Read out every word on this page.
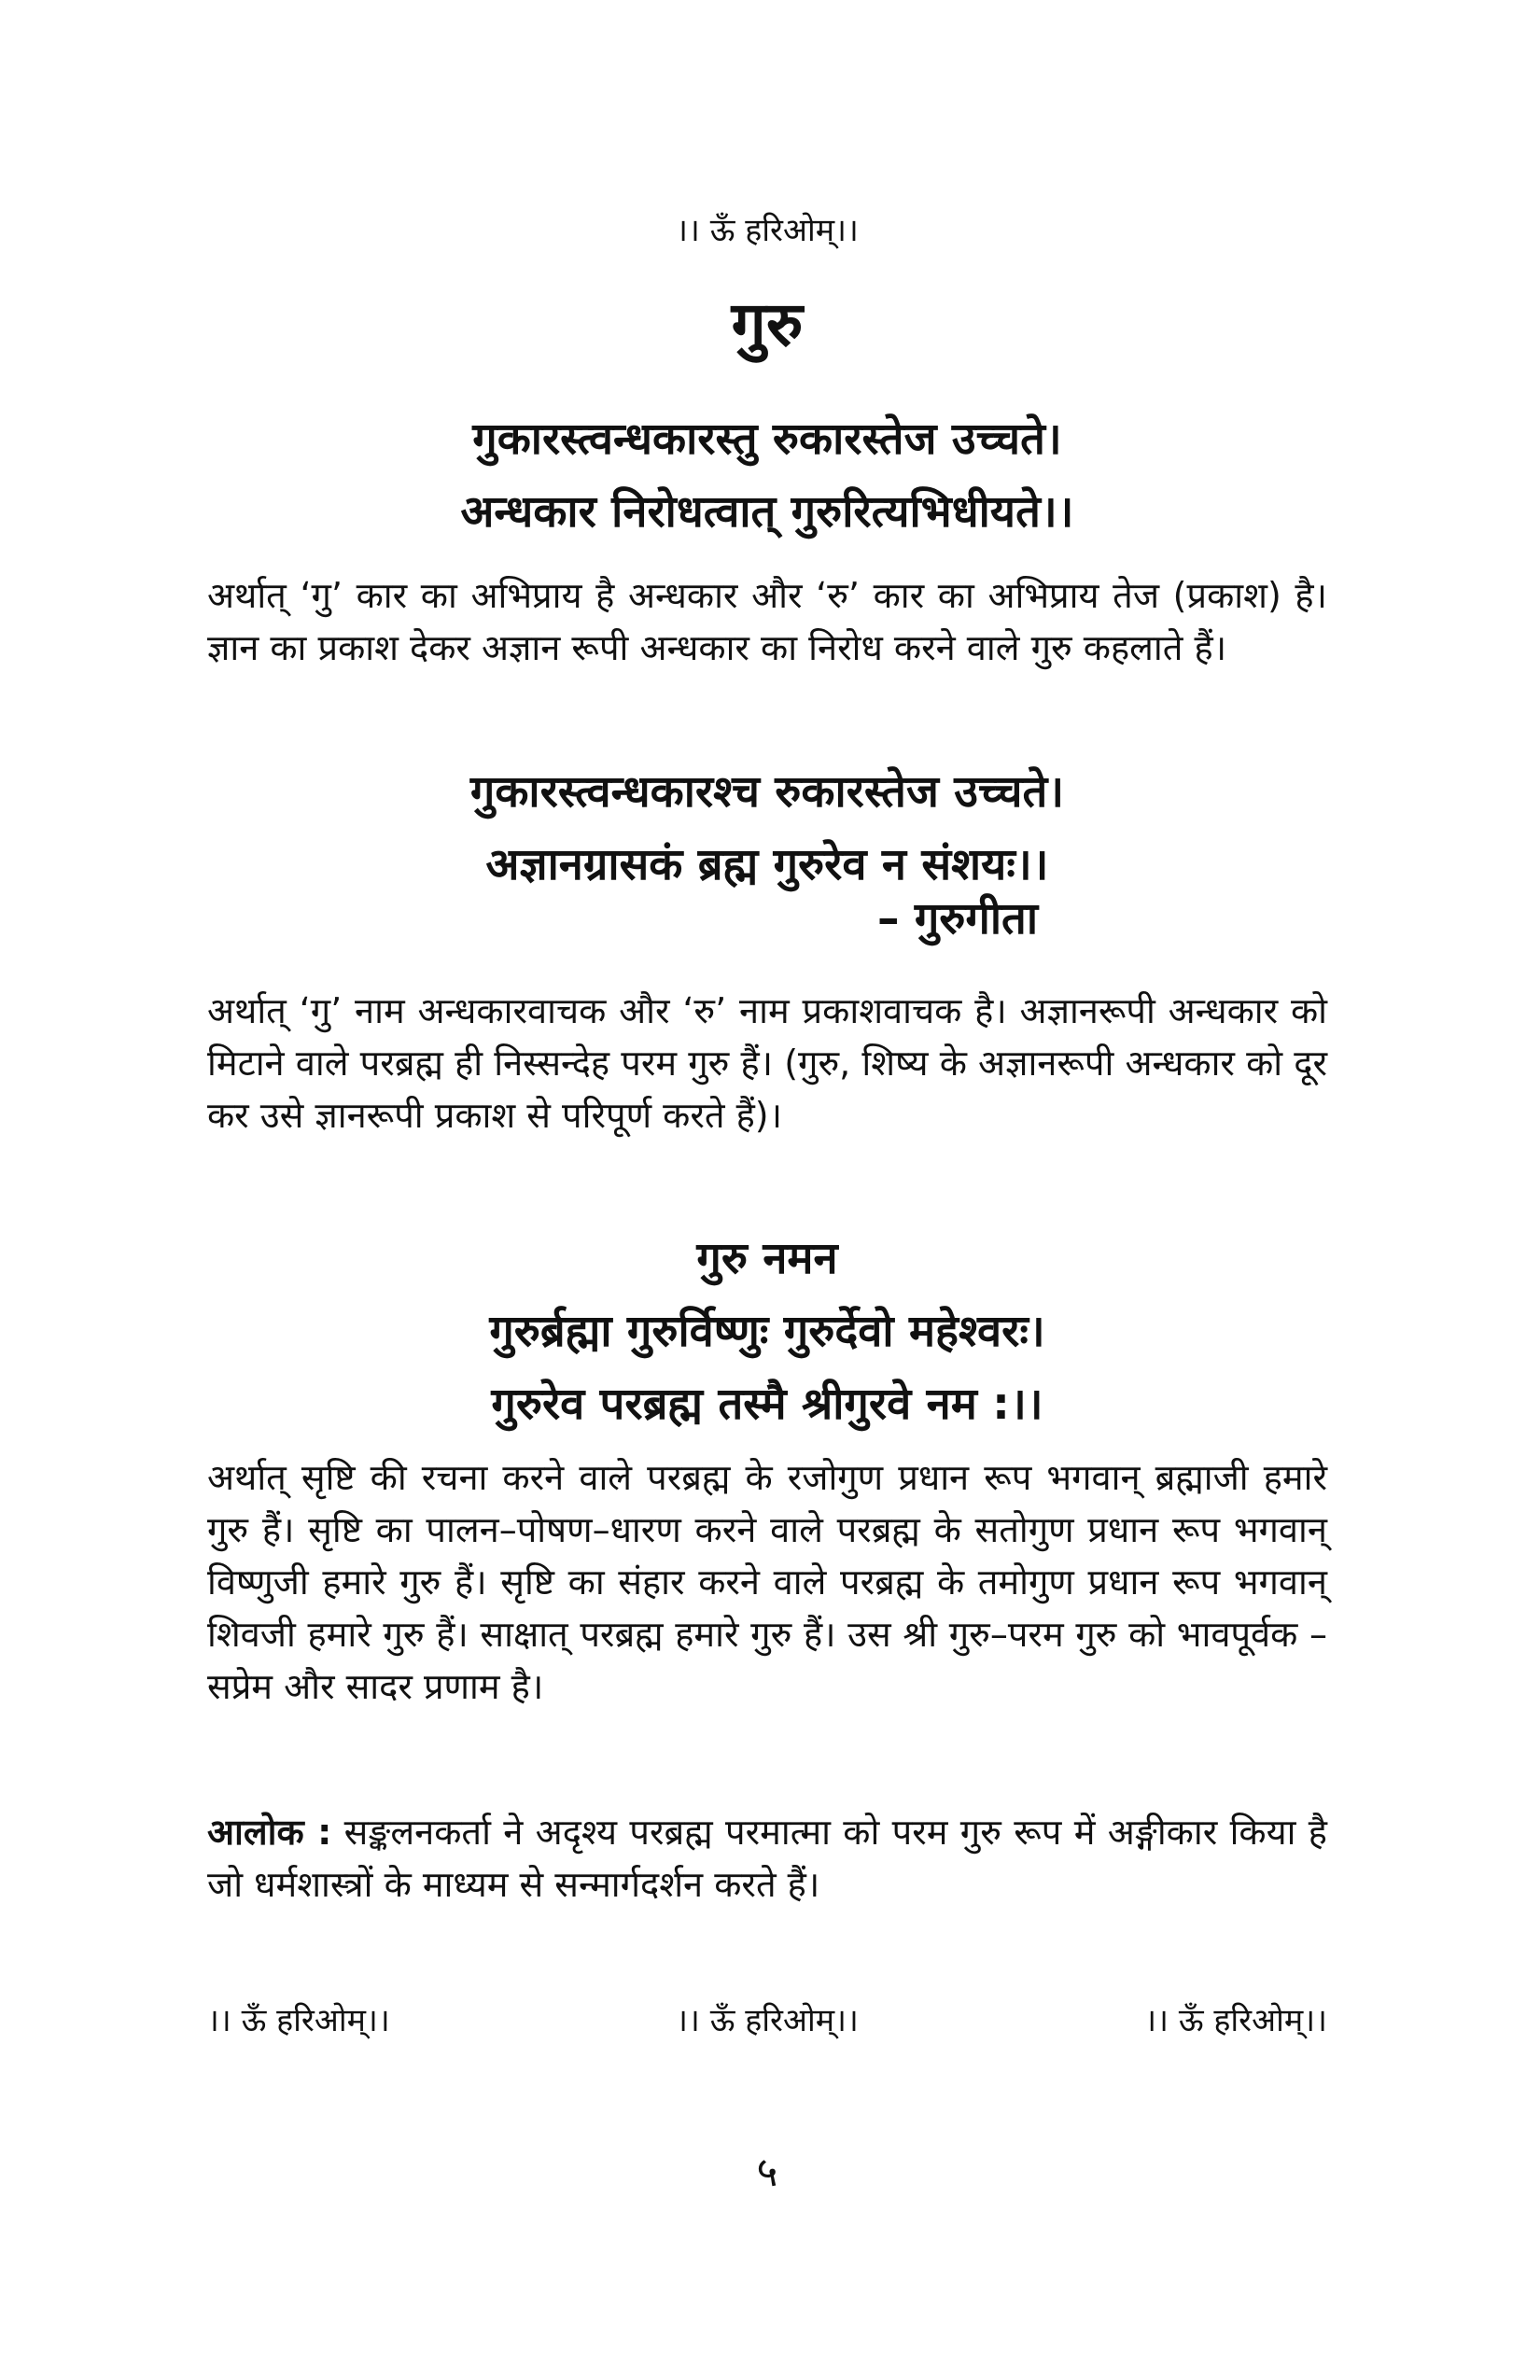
।। ऊँ हरिओम्।।
गुरु
गुकारस्त्वन्धकारस्तु रुकारस्तेज उच्चते।
अन्धकार निरोधत्वात् गुरुरित्यभिधीयते।।
अर्थात् ‘गु’ कार का अभिप्राय है अन्धकार और ‘रु’ कार का अभिप्राय तेज (प्रकाश) है। ज्ञान का प्रकाश देकर अज्ञान रूपी अन्धकार का निरोध करने वाले गुरु कहलाते हैं।
गुकारस्त्वन्धकारश्च रुकारस्तेज उच्चते।
अज्ञानग्रासकं ब्रह्म गुरुरेव न संशयः।।
– गुरुगीता
अर्थात् ‘गु’ नाम अन्धकारवाचक और ‘रु’ नाम प्रकाशवाचक है। अज्ञानरूपी अन्धकार को मिटाने वाले परब्रह्म ही निस्सन्देह परम गुरु हैं। (गुरु, शिष्य के अज्ञानरूपी अन्धकार को दूर कर उसे ज्ञानरूपी प्रकाश से परिपूर्ण करते हैं)।
गुरु नमन
गुरुर्ब्रह्मा गुरुर्विष्णुः गुरुर्देवो महेश्वरः।
गुरुरेव परब्रह्म तस्मै श्रीगुरवे नम :।।
अर्थात् सृष्टि की रचना करने वाले परब्रह्म के रजोगुण प्रधान रूप भगवान् ब्रह्माजी हमारे गुरु हैं। सृष्टि का पालन–पोषण–धारण करने वाले परब्रह्म के सतोगुण प्रधान रूप भगवान् विष्णुजी हमारे गुरु हैं। सृष्टि का संहार करने वाले परब्रह्म के तमोगुण प्रधान रूप भगवान् शिवजी हमारे गुरु हैं। साक्षात् परब्रह्म हमारे गुरु हैं। उस श्री गुरु–परम गुरु को भावपूर्वक – सप्रेम और सादर प्रणाम है।
आलोक : सङ्कलनकर्ता ने अदृश्य परब्रह्म परमात्मा को परम गुरु रूप में अङ्गीकार किया है जो धर्मशास्त्रों के माध्यम से सन्मार्गदर्शन करते हैं।
।। ऊँ हरिओम्।।	।। ऊँ हरिओम्।।	।। ऊँ हरिओम्।।
५
